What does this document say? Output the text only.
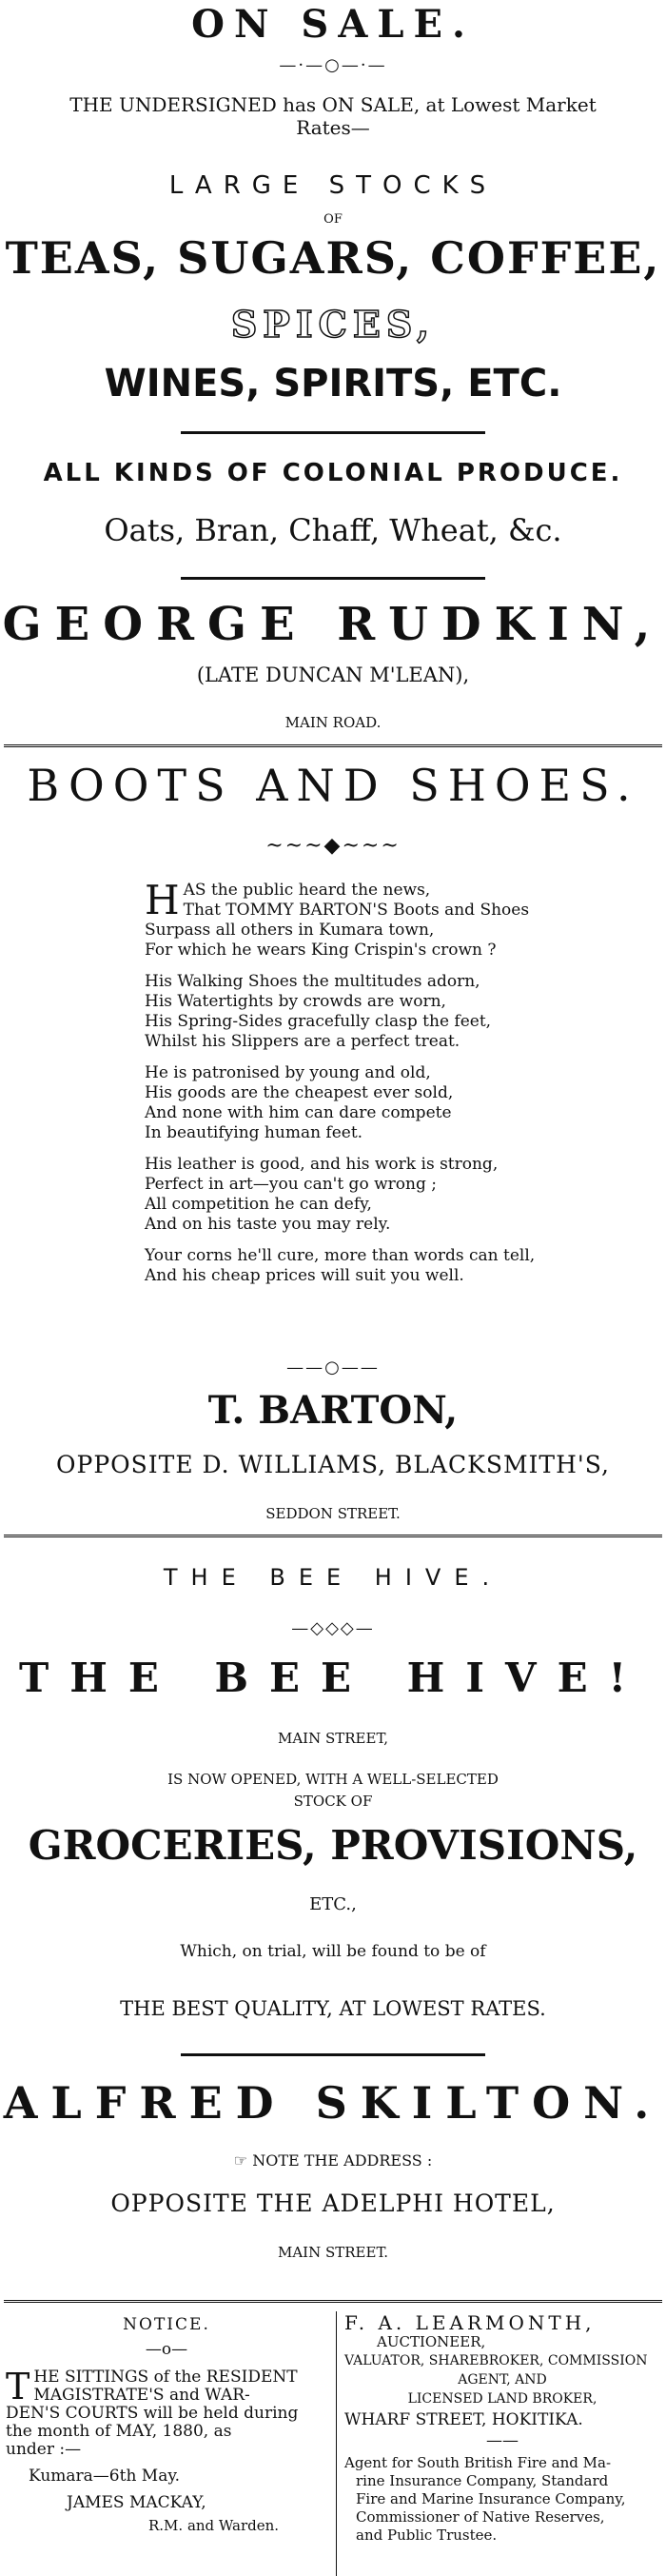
ON SALE.
—·—○—·—
THE UNDERSIGNED has ON SALE, at Lowest Market
Rates—
LARGE STOCKS
OF
TEAS, SUGARS, COFFEE,
SPICES,
WINES, SPIRITS, ETC.
ALL KINDS OF COLONIAL PRODUCE.
Oats, Bran, Chaff, Wheat, &c.
GEORGE RUDKIN,
(LATE DUNCAN M'LEAN),
MAIN ROAD.
BOOTS AND SHOES.
~~~◆~~~

H AS the public heard the news,
That TOMMY BARTON'S Boots and Shoes
Surpass all others in Kumara town,
For which he wears King Crispin's crown ?

His Walking Shoes the multitudes adorn,
His Watertights by crowds are worn,
His Spring-Sides gracefully clasp the feet,
Whilst his Slippers are a perfect treat.

He is patronised by young and old,
His goods are the cheapest ever sold,
And none with him can dare compete
In beautifying human feet.

His leather is good, and his work is strong,
Perfect in art—you can't go wrong ;
All competition he can defy,
And on his taste you may rely.

Your corns he'll cure, more than words can tell,
And his cheap prices will suit you well.

——○——
T. BARTON,
OPPOSITE D. WILLIAMS, BLACKSMITH'S,
SEDDON STREET.
THE BEE HIVE.
—◇◇◇—
THE BEE HIVE!
MAIN STREET,
IS NOW OPENED, WITH A WELL-SELECTED
STOCK OF
GROCERIES, PROVISIONS,
ETC.,
Which, on trial, will be found to be of
THE BEST QUALITY, AT LOWEST RATES.
ALFRED SKILTON.
☞ NOTE THE ADDRESS :
OPPOSITE THE ADELPHI HOTEL,
MAIN STREET.
NOTICE.
—o—
T HE SITTINGS of the RESIDENT
MAGISTRATE'S and WAR-
DEN'S COURTS will be held during
the month of MAY, 1880, as
under :—
Kumara—6th May.
JAMES MACKAY,
R.M. and Warden.
F. A. LEARMONTH,
AUCTIONEER,
VALUATOR, SHAREBROKER, COMMISSION
AGENT, AND
LICENSED LAND BROKER,
WHARF STREET, HOKITIKA.
——
Agent for South British Fire and Ma-
rine Insurance Company, Standard
Fire and Marine Insurance Company,
Commissioner of Native Reserves,
and Public Trustee.
